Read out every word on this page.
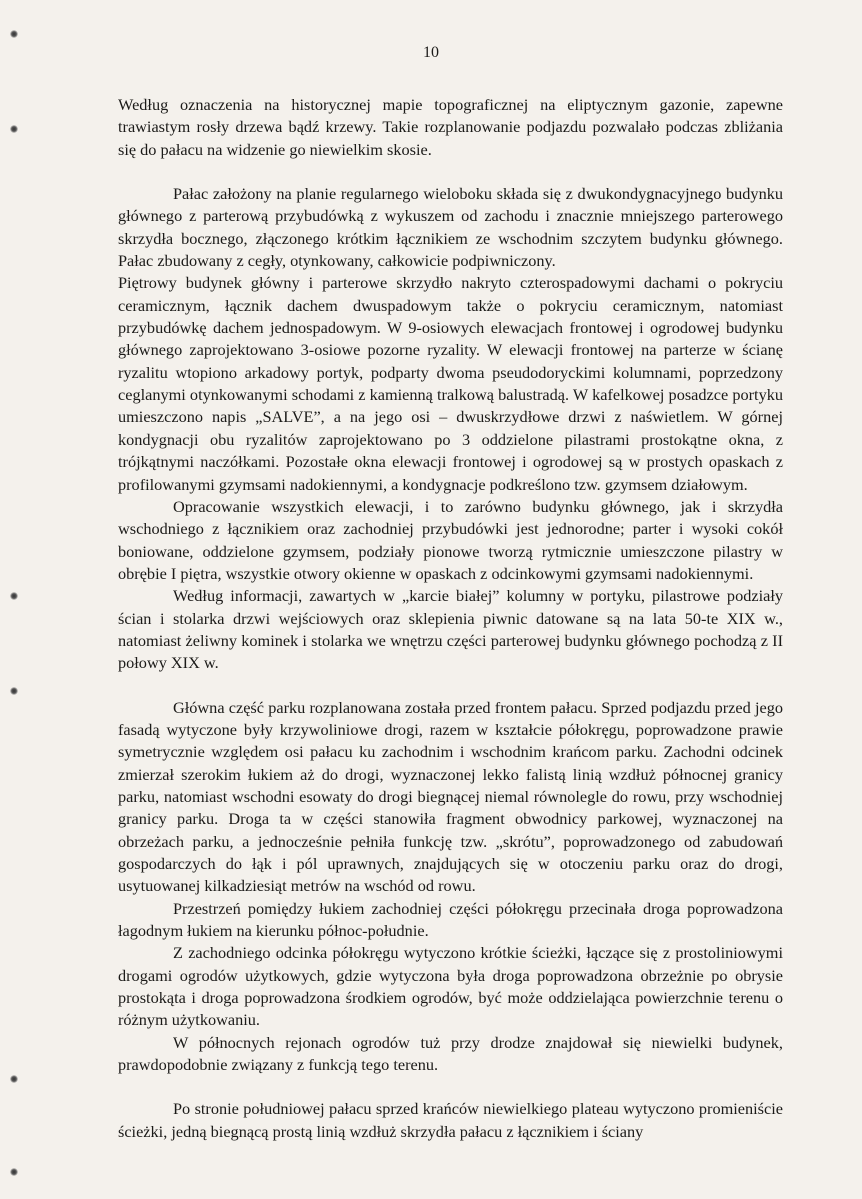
10

Według oznaczenia na historycznej mapie topograficznej na eliptycznym gazonie, zapewne trawiastym rosły drzewa bądź krzewy. Takie rozplanowanie podjazdu pozwalało podczas zbliżania się do pałacu na widzenie go niewielkim skosie.

Pałac założony na planie regularnego wieloboku składa się z dwukondygnacyjnego budynku głównego z parterową przybudówką z wykuszem od zachodu i znacznie mniejszego parterowego skrzydła bocznego, złączonego krótkim łącznikiem ze wschodnim szczytem budynku głównego. Pałac zbudowany z cegły, otynkowany, całkowicie podpiwniczony.

Piętrowy budynek główny i parterowe skrzydło nakryto czterospadowymi dachami o pokryciu ceramicznym, łącznik dachem dwuspadowym także o pokryciu ceramicznym, natomiast przybudówkę dachem jednospadowym. W 9-osiowych elewacjach frontowej i ogrodowej budynku głównego zaprojektowano 3-osiowe pozorne ryzality. W elewacji frontowej na parterze w ścianę ryzalitu wtopiono arkadowy portyk, podparty dwoma pseudodoryckimi kolumnami, poprzedzony ceglanymi otynkowanymi schodami z kamienną tralkową balustradą. W kafelkowej posadzce portyku umieszczono napis „SALVE”, a na jego osi – dwuskrzydłowe drzwi z naświetlem. W górnej kondygnacji obu ryzalitów zaprojektowano po 3 oddzielone pilastrami prostokątne okna, z trójkątnymi naczółkami. Pozostałe okna elewacji frontowej i ogrodowej są w prostych opaskach z profilowanymi gzymsami nadokiennymi, a kondygnacje podkreślono tzw. gzymsem działowym.

Opracowanie wszystkich elewacji, i to zarówno budynku głównego, jak i skrzydła wschodniego z łącznikiem oraz zachodniej przybudówki jest jednorodne; parter i wysoki cokół boniowane, oddzielone gzymsem, podziały pionowe tworzą rytmicznie umieszczone pilastry w obrębie I piętra, wszystkie otwory okienne w opaskach z odcinkowymi gzymsami nadokiennymi.

Według informacji, zawartych w „karcie białej” kolumny w portyku, pilastrowe podziały ścian i stolarka drzwi wejściowych oraz sklepienia piwnic datowane są na lata 50-te XIX w., natomiast żeliwny kominek i stolarka we wnętrzu części parterowej budynku głównego pochodzą z II połowy XIX w.

Główna część parku rozplanowana została przed frontem pałacu. Sprzed podjazdu przed jego fasadą wytyczone były krzywoliniowe drogi, razem w kształcie półokręgu, poprowadzone prawie symetrycznie względem osi pałacu ku zachodnim i wschodnim krańcom parku. Zachodni odcinek zmierzał szerokim łukiem aż do drogi, wyznaczonej lekko falistą linią wzdłuż północnej granicy parku, natomiast wschodni esowaty do drogi biegnącej niemal równolegle do rowu, przy wschodniej granicy parku. Droga ta w części stanowiła fragment obwodnicy parkowej, wyznaczonej na obrzeżach parku, a jednocześnie pełniła funkcję tzw. „skrótu”, poprowadzonego od zabudowań gospodarczych do łąk i pól uprawnych, znajdujących się w otoczeniu parku oraz do drogi, usytuowanej kilkadziesiąt metrów na wschód od rowu.

Przestrzeń pomiędzy łukiem zachodniej części półokręgu przecinała droga poprowadzona łagodnym łukiem na kierunku północ-południe.

Z zachodniego odcinka półokręgu wytyczono krótkie ścieżki, łączące się z prostoliniowymi drogami ogrodów użytkowych, gdzie wytyczona była droga poprowadzona obrzeżnie po obrysie prostokąta i droga poprowadzona środkiem ogrodów, być może oddzielająca powierzchnie terenu o różnym użytkowaniu.

W północnych rejonach ogrodów tuż przy drodze znajdował się niewielki budynek, prawdopodobnie związany z funkcją tego terenu.

Po stronie południowej pałacu sprzed krańców niewielkiego plateau wytyczono promieniście ścieżki, jedną biegnącą prostą linią wzdłuż skrzydła pałacu z łącznikiem i ściany
